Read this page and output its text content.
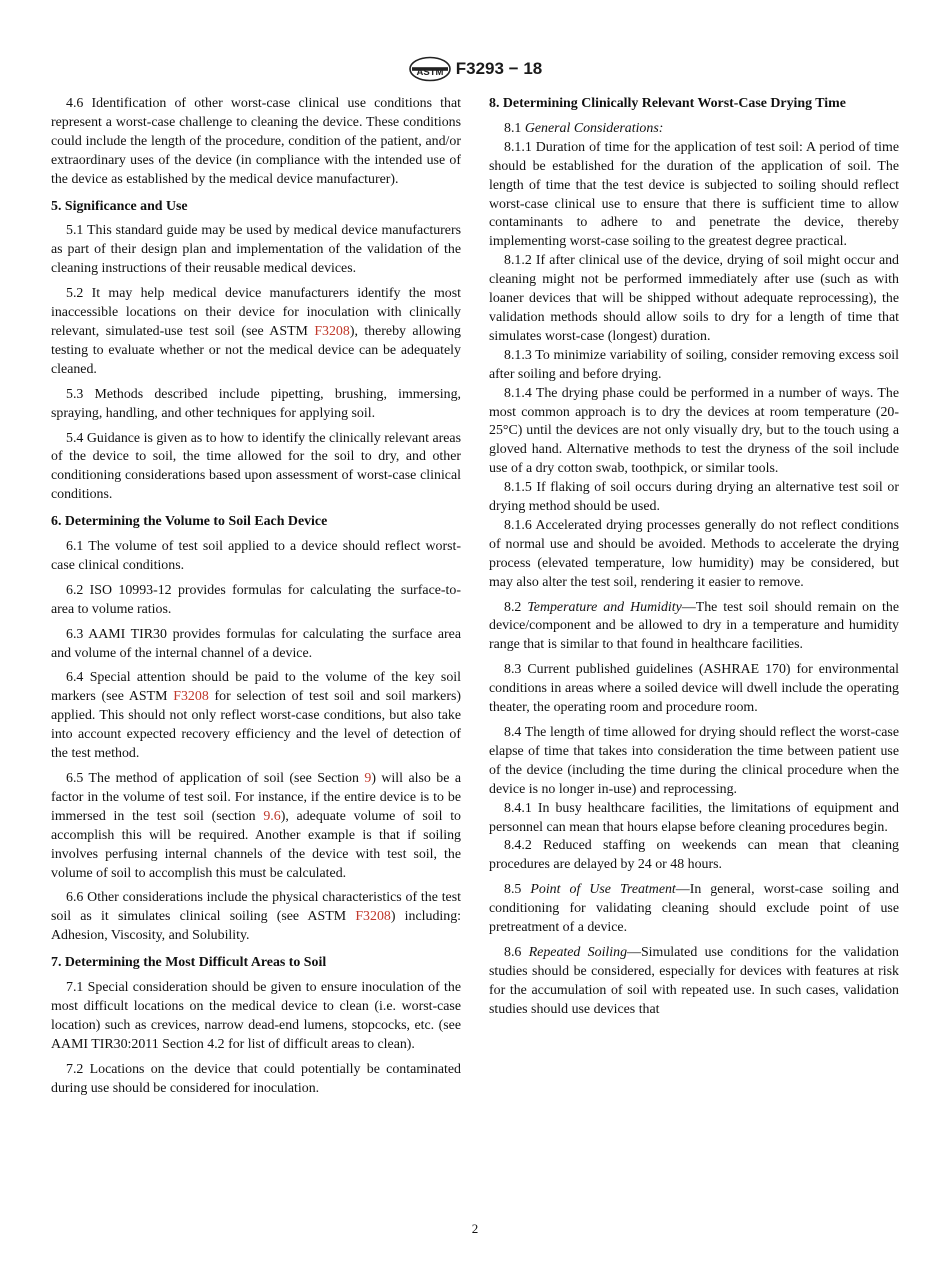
ASTM F3293 − 18

4.6 Identification of other worst-case clinical use conditions that represent a worst-case challenge to cleaning the device. These conditions could include the length of the procedure, condition of the patient, and/or extraordinary uses of the device (in compliance with the intended use of the device as established by the medical device manufacturer).

5. Significance and Use

5.1 This standard guide may be used by medical device manufacturers as part of their design plan and implementation of the validation of the cleaning instructions of their reusable medical devices.

5.2 It may help medical device manufacturers identify the most inaccessible locations on their device for inoculation with clinically relevant, simulated-use test soil (see ASTM F3208), thereby allowing testing to evaluate whether or not the medical device can be adequately cleaned.

5.3 Methods described include pipetting, brushing, immersing, spraying, handling, and other techniques for applying soil.

5.4 Guidance is given as to how to identify the clinically relevant areas of the device to soil, the time allowed for the soil to dry, and other conditioning considerations based upon assessment of worst-case clinical conditions.

6. Determining the Volume to Soil Each Device

6.1 The volume of test soil applied to a device should reflect worst-case clinical conditions.

6.2 ISO 10993-12 provides formulas for calculating the surface-to-area to volume ratios.

6.3 AAMI TIR30 provides formulas for calculating the surface area and volume of the internal channel of a device.

6.4 Special attention should be paid to the volume of the key soil markers (see ASTM F3208 for selection of test soil and soil markers) applied. This should not only reflect worst-case conditions, but also take into account expected recovery efficiency and the level of detection of the test method.

6.5 The method of application of soil (see Section 9) will also be a factor in the volume of test soil. For instance, if the entire device is to be immersed in the test soil (section 9.6), adequate volume of soil to accomplish this will be required. Another example is that if soiling involves perfusing internal channels of the device with test soil, the volume of soil to accomplish this must be calculated.

6.6 Other considerations include the physical characteristics of the test soil as it simulates clinical soiling (see ASTM F3208) including: Adhesion, Viscosity, and Solubility.

7. Determining the Most Difficult Areas to Soil

7.1 Special consideration should be given to ensure inoculation of the most difficult locations on the medical device to clean (i.e. worst-case location) such as crevices, narrow dead-end lumens, stopcocks, etc. (see AAMI TIR30:2011 Section 4.2 for list of difficult areas to clean).

7.2 Locations on the device that could potentially be contaminated during use should be considered for inoculation.

8. Determining Clinically Relevant Worst-Case Drying Time

8.1 General Considerations:

8.1.1 Duration of time for the application of test soil: A period of time should be established for the duration of the application of soil. The length of time that the test device is subjected to soiling should reflect worst-case clinical use to ensure that there is sufficient time to allow contaminants to adhere to and penetrate the device, thereby implementing worst-case soiling to the greatest degree practical.

8.1.2 If after clinical use of the device, drying of soil might occur and cleaning might not be performed immediately after use (such as with loaner devices that will be shipped without adequate reprocessing), the validation methods should allow soils to dry for a length of time that simulates worst-case (longest) duration.

8.1.3 To minimize variability of soiling, consider removing excess soil after soiling and before drying.

8.1.4 The drying phase could be performed in a number of ways. The most common approach is to dry the devices at room temperature (20-25°C) until the devices are not only visually dry, but to the touch using a gloved hand. Alternative methods to test the dryness of the soil include use of a dry cotton swab, toothpick, or similar tools.

8.1.5 If flaking of soil occurs during drying an alternative test soil or drying method should be used.

8.1.6 Accelerated drying processes generally do not reflect conditions of normal use and should be avoided. Methods to accelerate the drying process (elevated temperature, low humidity) may be considered, but may also alter the test soil, rendering it easier to remove.

8.2 Temperature and Humidity—The test soil should remain on the device/component and be allowed to dry in a temperature and humidity range that is similar to that found in healthcare facilities.

8.3 Current published guidelines (ASHRAE 170) for environmental conditions in areas where a soiled device will dwell include the operating theater, the operating room and procedure room.

8.4 The length of time allowed for drying should reflect the worst-case elapse of time that takes into consideration the time between patient use of the device (including the time during the clinical procedure when the device is no longer in-use) and reprocessing.

8.4.1 In busy healthcare facilities, the limitations of equipment and personnel can mean that hours elapse before cleaning procedures begin.

8.4.2 Reduced staffing on weekends can mean that cleaning procedures are delayed by 24 or 48 hours.

8.5 Point of Use Treatment—In general, worst-case soiling and conditioning for validating cleaning should exclude point of use pretreatment of a device.

8.6 Repeated Soiling—Simulated use conditions for the validation studies should be considered, especially for devices with features at risk for the accumulation of soil with repeated use. In such cases, validation studies should use devices that

2
